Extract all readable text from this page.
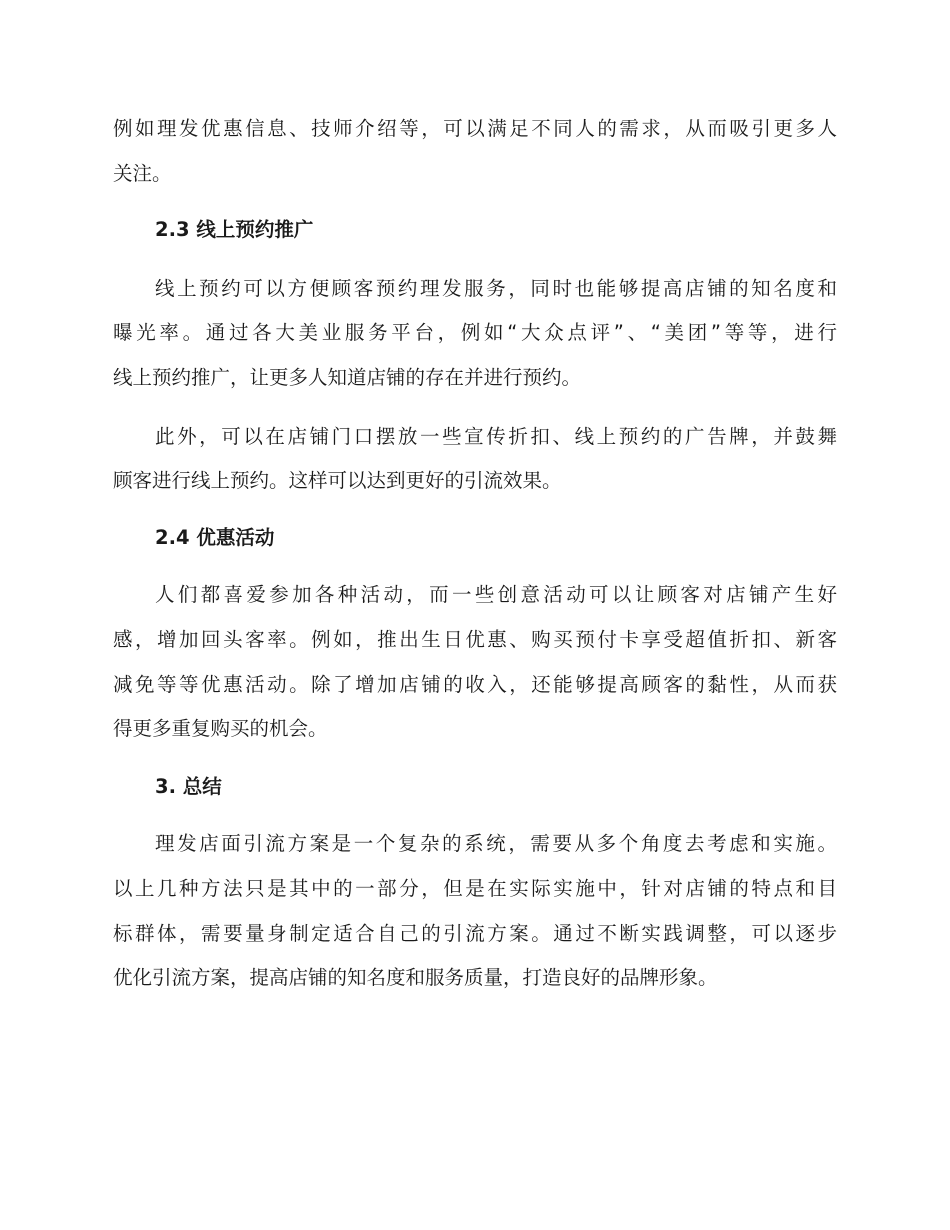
例如理发优惠信息、技师介绍等，可以满足不同人的需求，从而吸引更多人

关注。

2.3 线上预约推广

线上预约可以方便顾客预约理发服务，同时也能够提高店铺的知名度和

曝光率。通过各大美业服务平台，例如“大众点评”、“美团”等等，进行

线上预约推广，让更多人知道店铺的存在并进行预约。

此外，可以在店铺门口摆放一些宣传折扣、线上预约的广告牌，并鼓舞

顾客进行线上预约。这样可以达到更好的引流效果。

2.4 优惠活动

人们都喜爱参加各种活动，而一些创意活动可以让顾客对店铺产生好

感，增加回头客率。例如，推出生日优惠、购买预付卡享受超值折扣、新客

减免等等优惠活动。除了增加店铺的收入，还能够提高顾客的黏性，从而获

得更多重复购买的机会。

3. 总结

理发店面引流方案是一个复杂的系统，需要从多个角度去考虑和实施。

以上几种方法只是其中的一部分，但是在实际实施中，针对店铺的特点和目

标群体，需要量身制定适合自己的引流方案。通过不断实践调整，可以逐步

优化引流方案，提高店铺的知名度和服务质量，打造良好的品牌形象。
